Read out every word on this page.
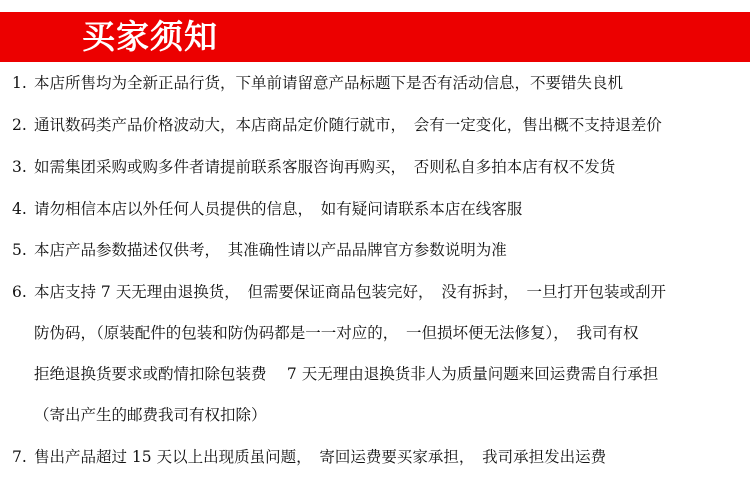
买家须知
1. 本店所售均为全新正品行货，下单前请留意产品标题下是否有活动信息，不要错失良机
2. 通讯数码类产品价格波动大，本店商品定价随行就市，　会有一定变化，售出概不支持退差价
3. 如需集团采购或购多件者请提前联系客服咨询再购买，　否则私自多拍本店有权不发货
4. 请勿相信本店以外任何人员提供的信息，　如有疑问请联系本店在线客服
5. 本店产品参数描述仅供考，　其准确性请以产品品牌官方参数说明为准
6. 本店支持 7 天无理由退换货，　但需要保证商品包装完好，　没有拆封，　一旦打开包装或刮开
防伪码，（原装配件的包装和防伪码都是一一对应的，　一但损坏便无法修复），　我司有权
拒绝退换货要求或酌情扣除包装费　 7 天无理由退换货非人为质量问题来回运费需自行承担
（寄出产生的邮费我司有权扣除）
7. 售出产品超过 15 天以上出现质虽问题，　寄回运费要买家承担，　我司承担发出运费
